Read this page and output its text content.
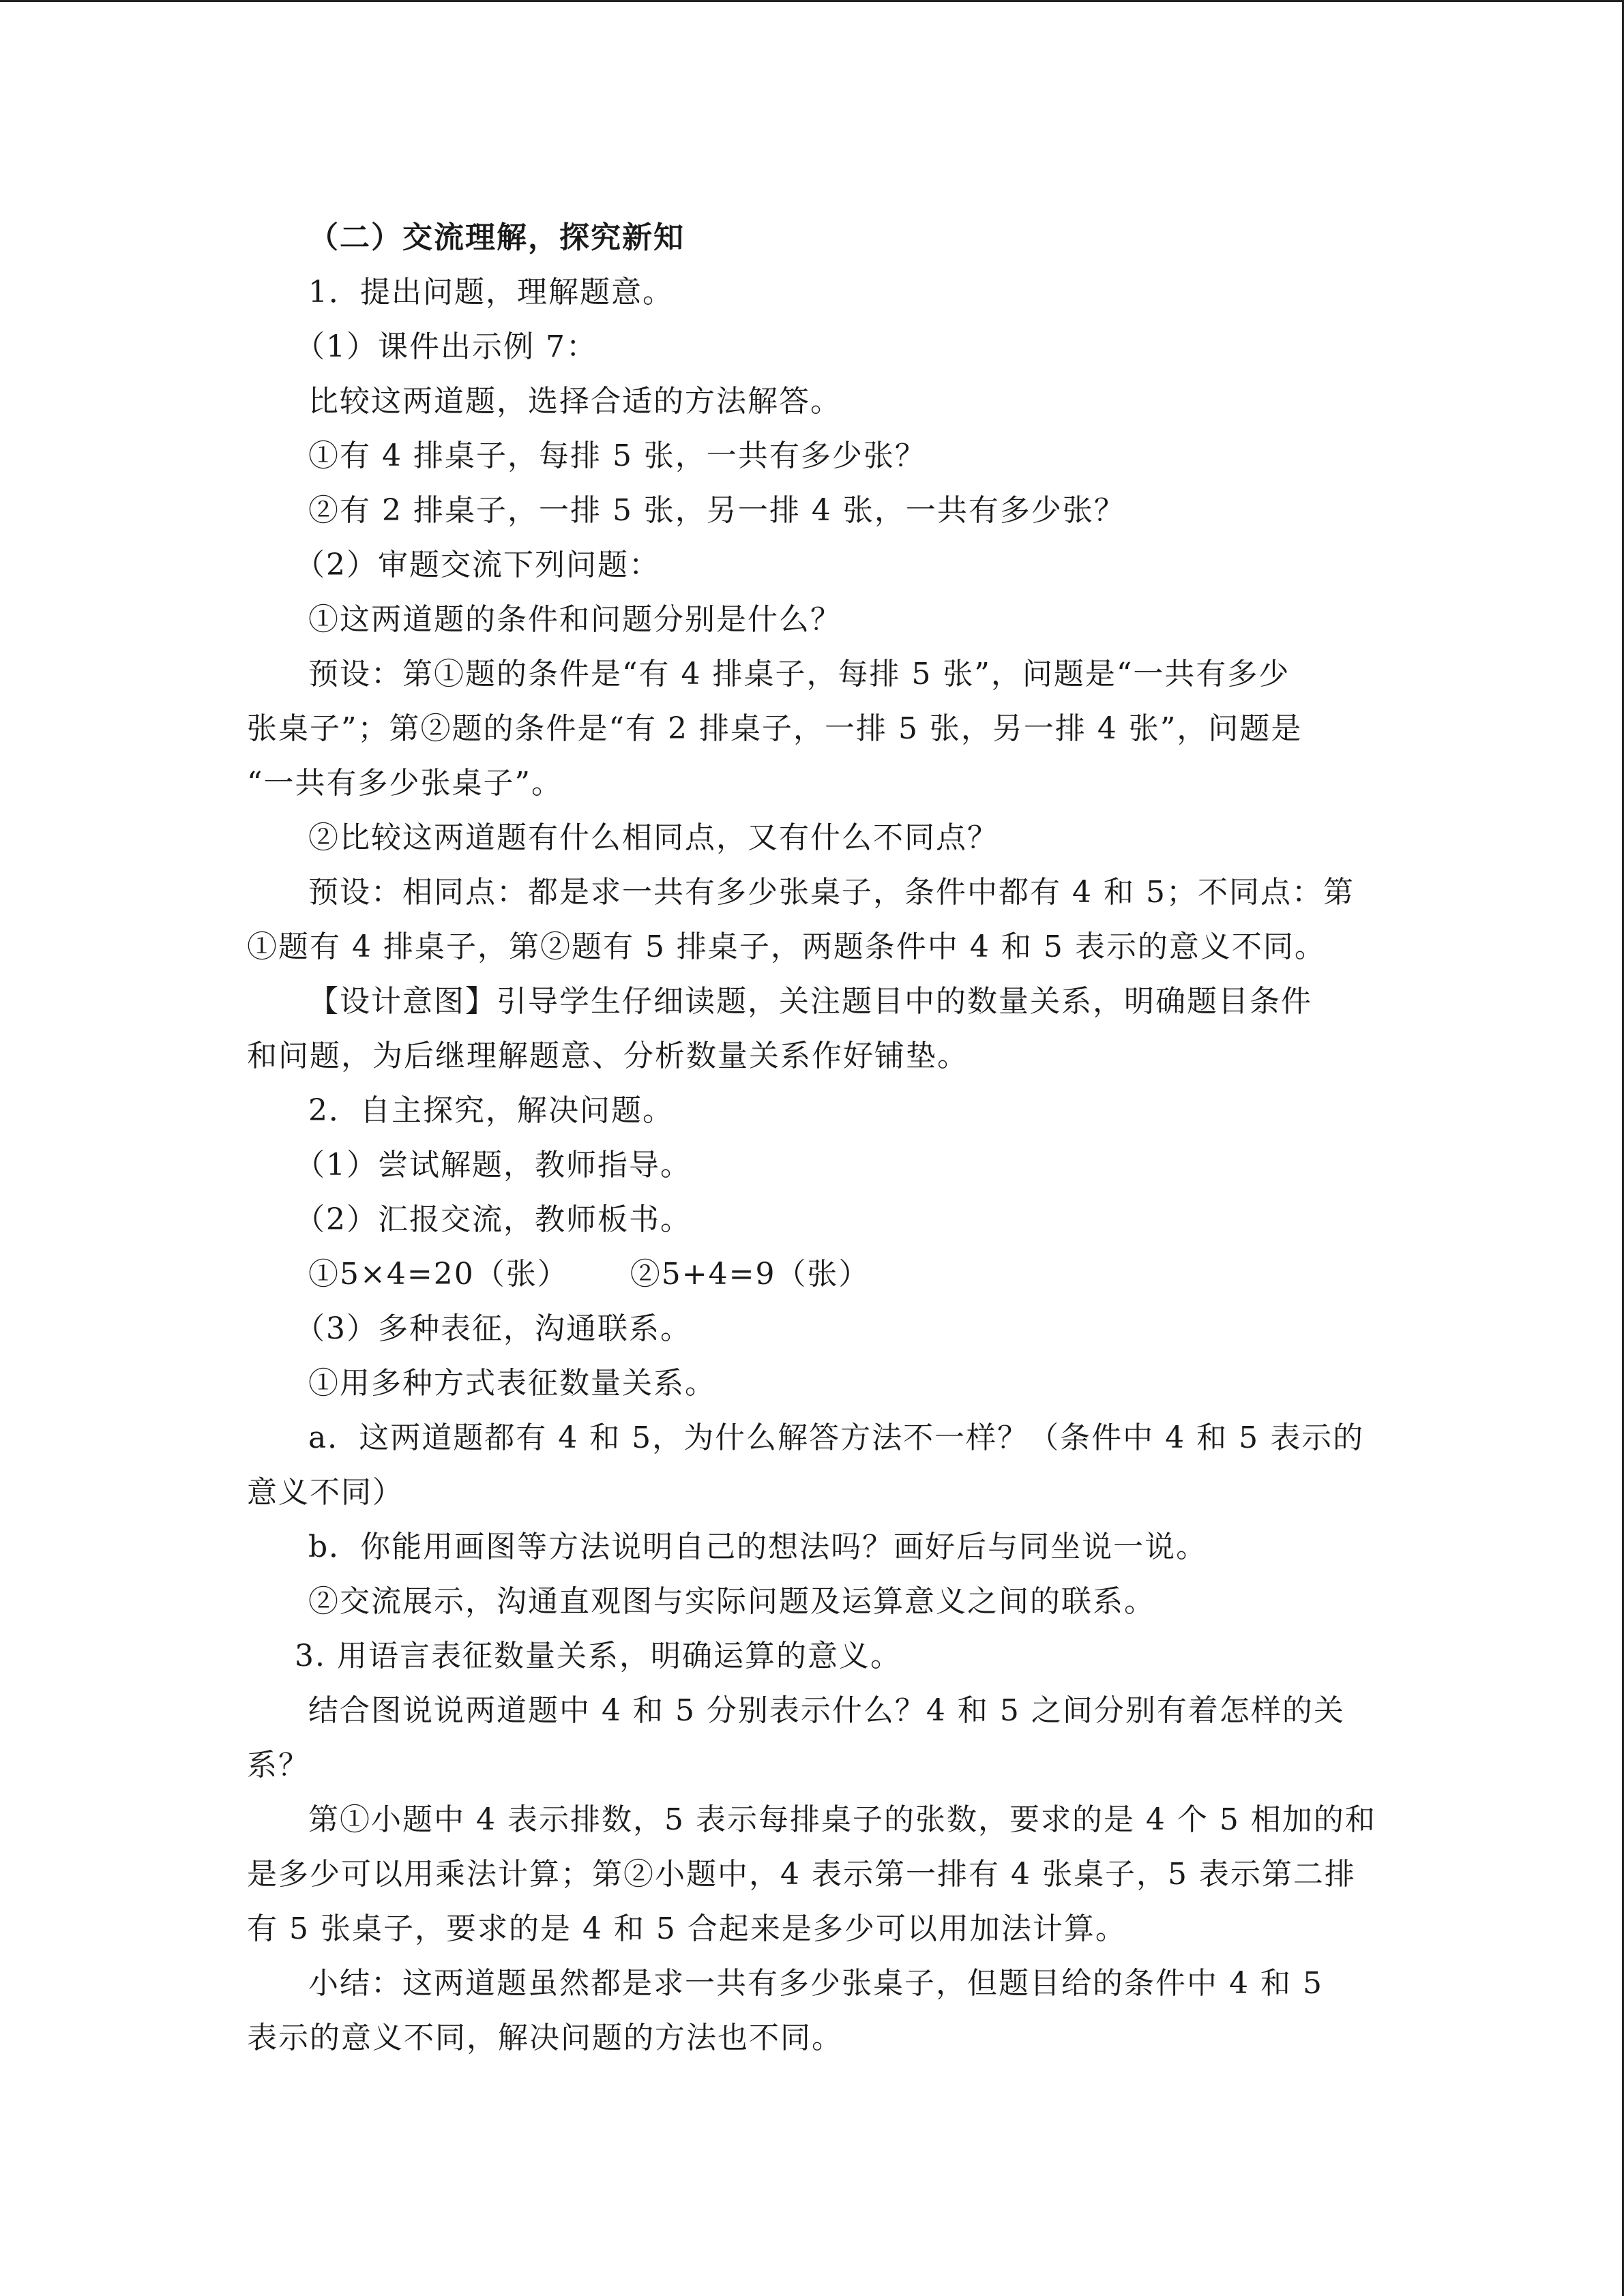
（二）交流理解，探究新知
1．提出问题，理解题意。
（1）课件出示例 7：
比较这两道题，选择合适的方法解答。
①有 4 排桌子，每排 5 张，一共有多少张？
②有 2 排桌子，一排 5 张，另一排 4 张，一共有多少张？
（2）审题交流下列问题：
①这两道题的条件和问题分别是什么？
预设：第①题的条件是“有 4 排桌子，每排 5 张”，问题是“一共有多少
张桌子”；第②题的条件是“有 2 排桌子，一排 5 张，另一排 4 张”，问题是
“一共有多少张桌子”。
②比较这两道题有什么相同点，又有什么不同点？
预设：相同点：都是求一共有多少张桌子，条件中都有 4 和 5；不同点：第
①题有 4 排桌子，第②题有 5 排桌子，两题条件中 4 和 5 表示的意义不同。
【设计意图】引导学生仔细读题，关注题目中的数量关系，明确题目条件
和问题，为后继理解题意、分析数量关系作好铺垫。
2．自主探究，解决问题。
（1）尝试解题，教师指导。
（2）汇报交流，教师板书。
①5×4=20（张） ②5+4=9（张）
（3）多种表征，沟通联系。
①用多种方式表征数量关系。
a．这两道题都有 4 和 5，为什么解答方法不一样？（条件中 4 和 5 表示的
意义不同）
b．你能用画图等方法说明自己的想法吗？画好后与同坐说一说。
②交流展示，沟通直观图与实际问题及运算意义之间的联系。
3. 用语言表征数量关系，明确运算的意义。
结合图说说两道题中 4 和 5 分别表示什么？4 和 5 之间分别有着怎样的关
系？
第①小题中 4 表示排数，5 表示每排桌子的张数，要求的是 4 个 5 相加的和
是多少可以用乘法计算；第②小题中，4 表示第一排有 4 张桌子，5 表示第二排
有 5 张桌子，要求的是 4 和 5 合起来是多少可以用加法计算。
小结：这两道题虽然都是求一共有多少张桌子，但题目给的条件中 4 和 5
表示的意义不同，解决问题的方法也不同。
